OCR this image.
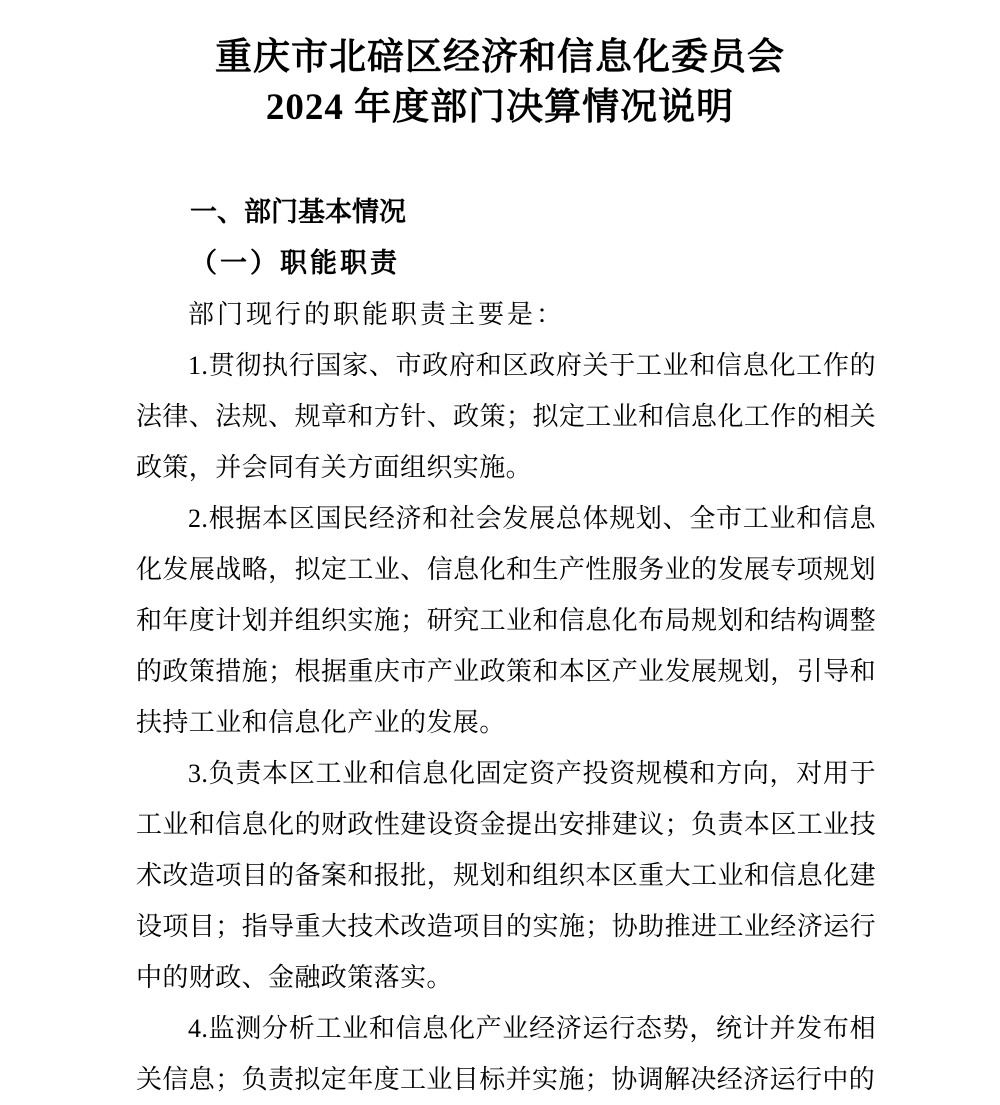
重庆市北碚区经济和信息化委员会
2024 年度部门决算情况说明
一、部门基本情况
（一）职能职责

部门现行的职能职责主要是：

1.贯彻执行国家、市政府和区政府关于工业和信息化工作的法律、法规、规章和方针、政策；拟定工业和信息化工作的相关政策，并会同有关方面组织实施。

2.根据本区国民经济和社会发展总体规划、全市工业和信息化发展战略，拟定工业、信息化和生产性服务业的发展专项规划和年度计划并组织实施；研究工业和信息化布局规划和结构调整的政策措施；根据重庆市产业政策和本区产业发展规划，引导和扶持工业和信息化产业的发展。

3.负责本区工业和信息化固定资产投资规模和方向，对用于工业和信息化的财政性建设资金提出安排建议；负责本区工业技术改造项目的备案和报批，规划和组织本区重大工业和信息化建设项目；指导重大技术改造项目的实施；协助推进工业经济运行中的财政、金融政策落实。

4.监测分析工业和信息化产业经济运行态势，统计并发布相关信息；负责拟定年度工业目标并实施；协调解决经济运行中的
